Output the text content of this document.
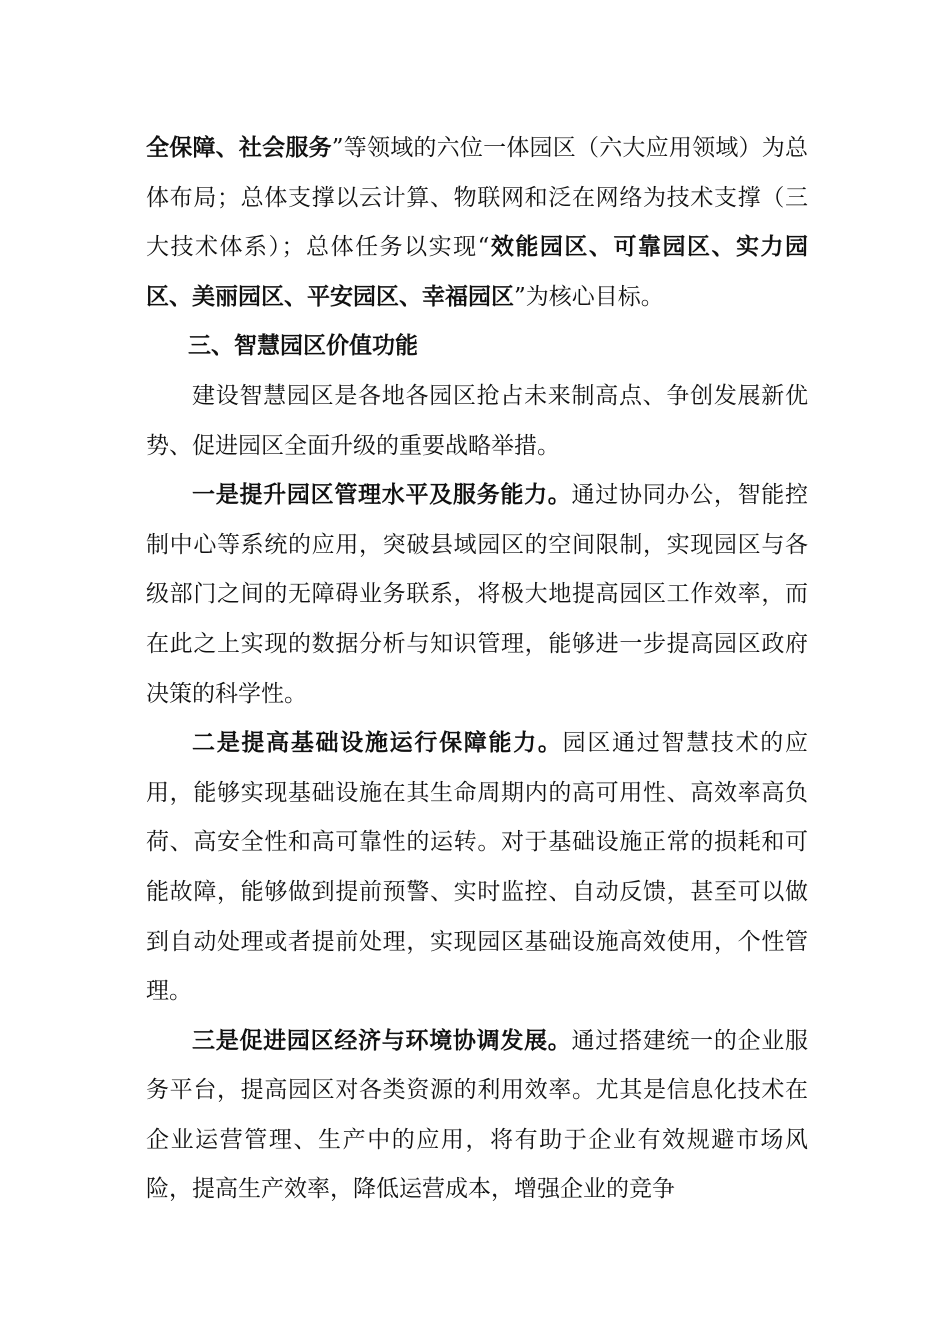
全保障、社会服务”等领域的六位一体园区（六大应用领域）为总体布局；总体支撑以云计算、物联网和泛在网络为技术支撑（三大技术体系）；总体任务以实现“效能园区、可靠园区、实力园区、美丽园区、平安园区、幸福园区”为核心目标。

三、智慧园区价值功能

建设智慧园区是各地各园区抢占未来制高点、争创发展新优势、促进园区全面升级的重要战略举措。

一是提升园区管理水平及服务能力。通过协同办公，智能控制中心等系统的应用，突破县域园区的空间限制，实现园区与各级部门之间的无障碍业务联系，将极大地提高园区工作效率，而在此之上实现的数据分析与知识管理，能够进一步提高园区政府决策的科学性。

二是提高基础设施运行保障能力。园区通过智慧技术的应用，能够实现基础设施在其生命周期内的高可用性、高效率高负荷、高安全性和高可靠性的运转。对于基础设施正常的损耗和可能故障，能够做到提前预警、实时监控、自动反馈，甚至可以做到自动处理或者提前处理，实现园区基础设施高效使用，个性管理。

三是促进园区经济与环境协调发展。通过搭建统一的企业服务平台，提高园区对各类资源的利用效率。尤其是信息化技术在企业运营管理、生产中的应用，将有助于企业有效规避市场风险，提高生产效率，降低运营成本，增强企业的竞争
